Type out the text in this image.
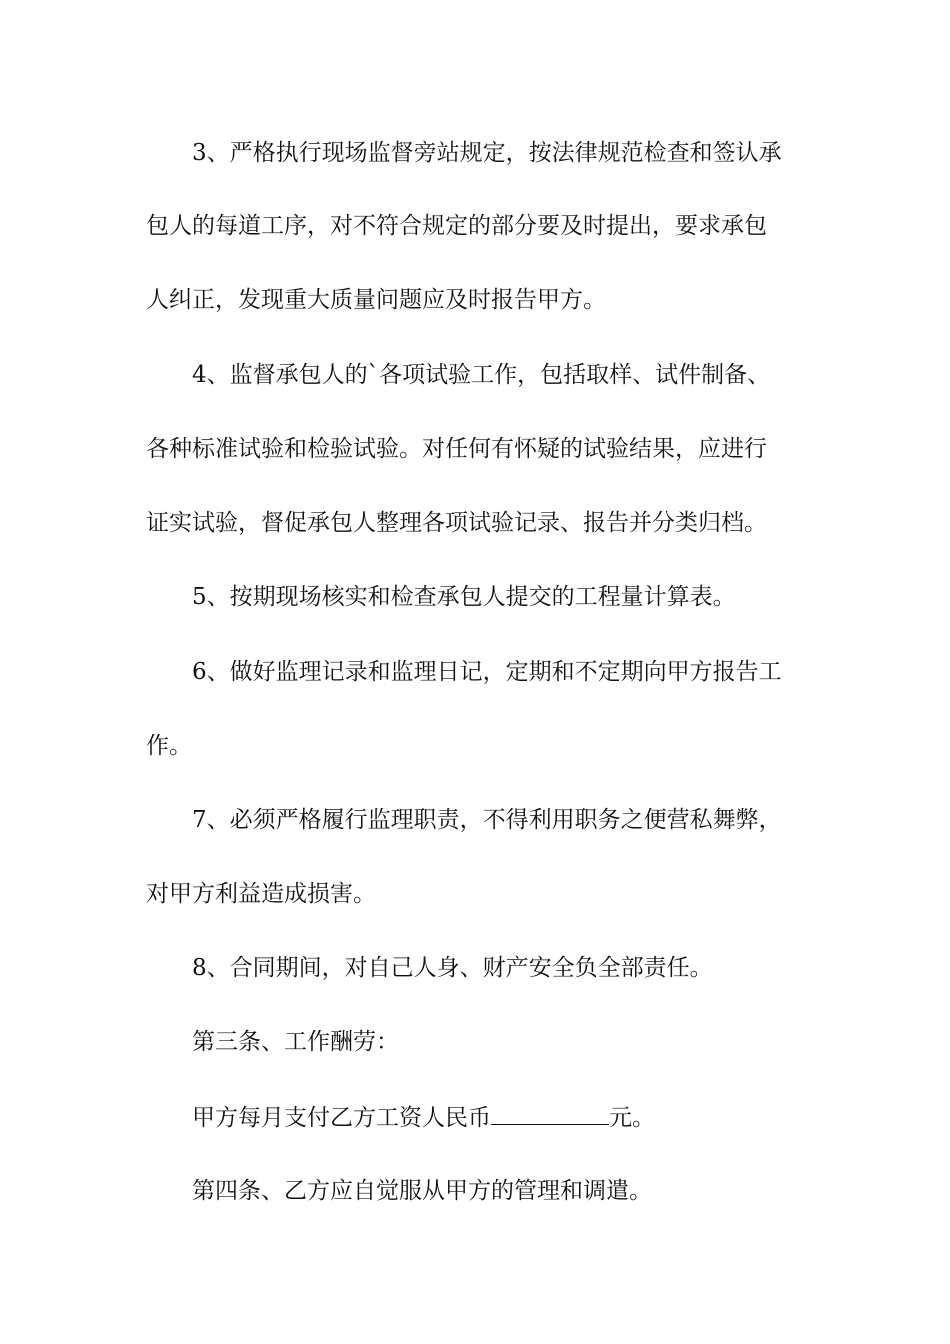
3、严格执行现场监督旁站规定，按法律规范检查和签认承
包人的每道工序，对不符合规定的部分要及时提出，要求承包
人纠正，发现重大质量问题应及时报告甲方。
4、监督承包人的`各项试验工作，包括取样、试件制备、
各种标准试验和检验试验。对任何有怀疑的试验结果，应进行
证实试验，督促承包人整理各项试验记录、报告并分类归档。
5、按期现场核实和检查承包人提交的工程量计算表。
6、做好监理记录和监理日记，定期和不定期向甲方报告工
作。
7、必须严格履行监理职责，不得利用职务之便营私舞弊，
对甲方利益造成损害。
8、合同期间，对自己人身、财产安全负全部责任。
第三条、工作酬劳：
甲方每月支付乙方工资人民币	元。
第四条、乙方应自觉服从甲方的管理和调遣。
